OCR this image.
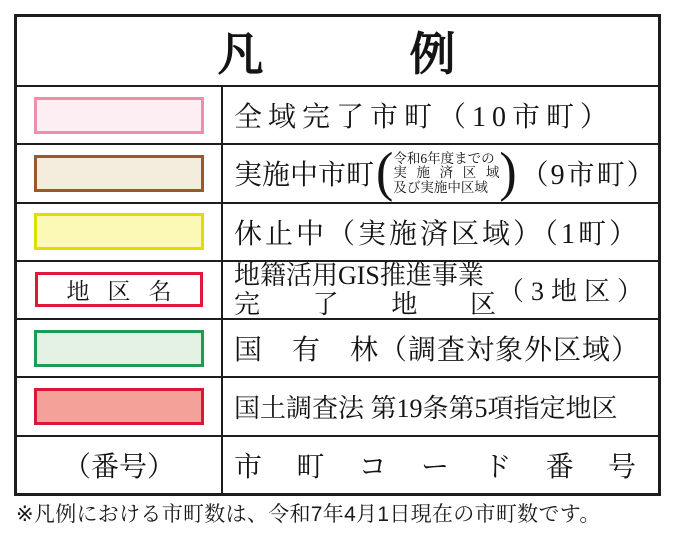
凡　　　例
全域完了市町（10市町）
実施中市町 ( 令和6年度までの
実施済区域
及び実施中区域 ) （9市町）
休止中（実施済区域）（1町）
地区名
地籍活用GIS推進事業
完了地区 （3地区）
国　有　林（調査対象外区域）
国土調査法 第19条第5項指定地区
（番号） 市町コード番号
※凡例における市町数は、令和7年4月1日現在の市町数です。
